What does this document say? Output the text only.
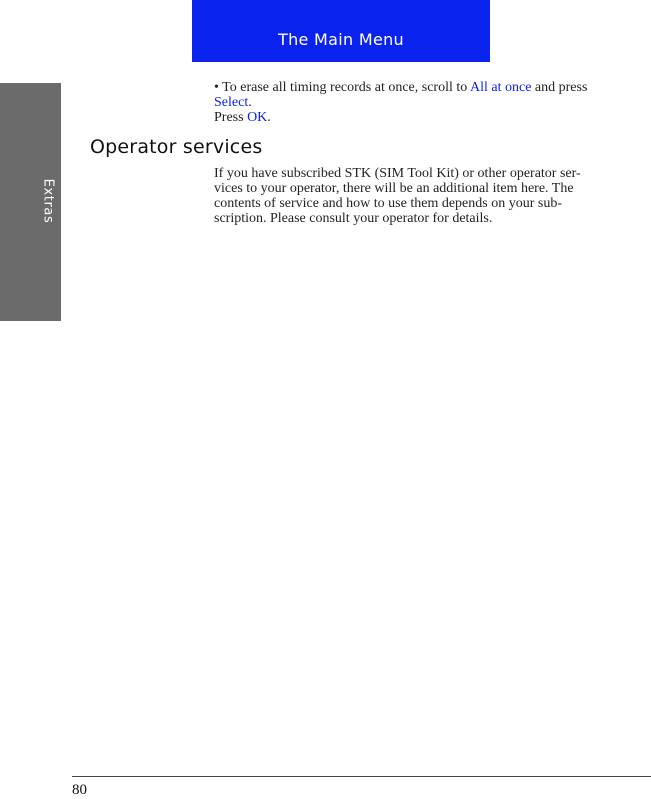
The Main Menu
Extras
• To erase all timing records at once, scroll to All at once and press
Select.
Press OK.
Operator services

If you have subscribed STK (SIM Tool Kit) or other operator ser-
vices to your operator, there will be an additional item here. The
contents of service and how to use them depends on your sub-
scription. Please consult your operator for details.

80
